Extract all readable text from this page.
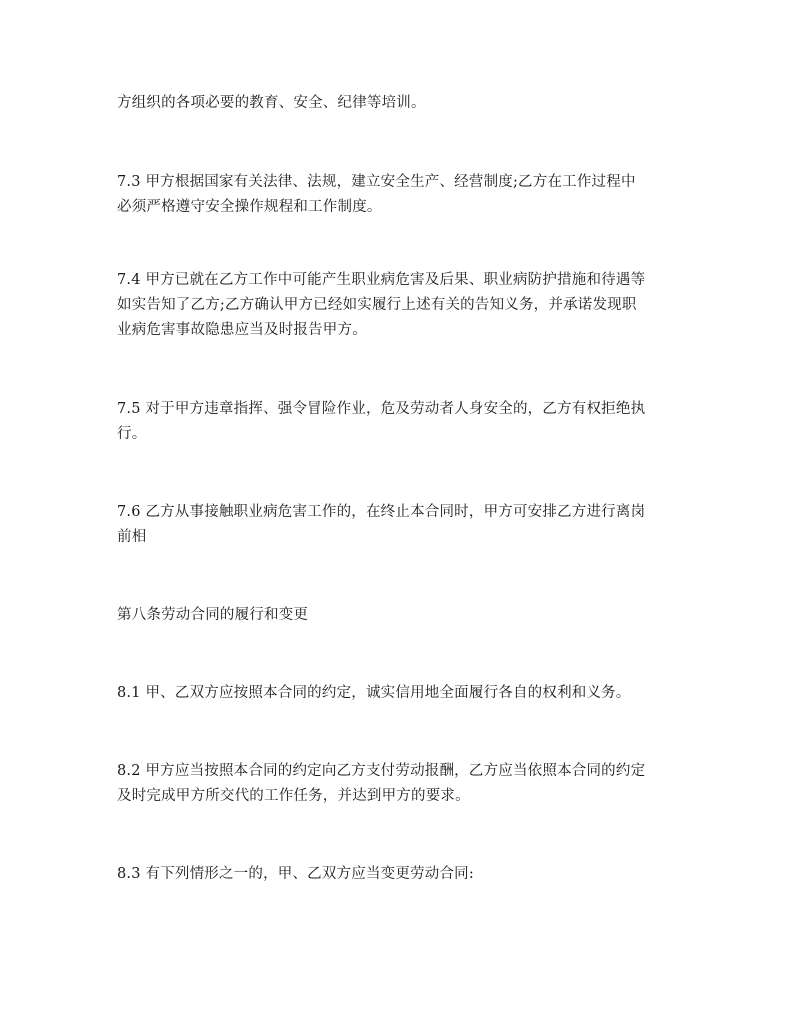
方组织的各项必要的教育、安全、纪律等培训。

7.3 甲方根据国家有关法律、法规，建立安全生产、经营制度;乙方在工作过程中
必须严格遵守安全操作规程和工作制度。

7.4 甲方已就在乙方工作中可能产生职业病危害及后果、职业病防护措施和待遇等
如实告知了乙方;乙方确认甲方已经如实履行上述有关的告知义务，并承诺发现职
业病危害事故隐患应当及时报告甲方。

7.5 对于甲方违章指挥、强令冒险作业，危及劳动者人身安全的，乙方有权拒绝执
行。

7.6 乙方从事接触职业病危害工作的，在终止本合同时，甲方可安排乙方进行离岗
前相

第八条劳动合同的履行和变更

8.1 甲、乙双方应按照本合同的约定，诚实信用地全面履行各自的权利和义务。

8.2 甲方应当按照本合同的约定向乙方支付劳动报酬，乙方应当依照本合同的约定
及时完成甲方所交代的工作任务，并达到甲方的要求。

8.3 有下列情形之一的，甲、乙双方应当变更劳动合同:
